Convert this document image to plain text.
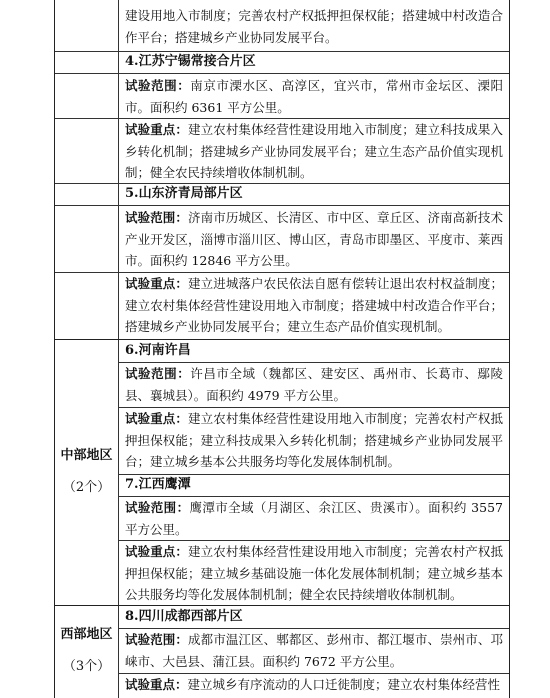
建设用地入市制度；完善农村产权抵押担保权能；搭建城中村改造合作平台；搭建城乡产业协同发展平台。
4.江苏宁锡常接合片区
试验范围：南京市溧水区、高淳区，宜兴市，常州市金坛区、溧阳市。面积约 6361 平方公里。
试验重点：建立农村集体经营性建设用地入市制度；建立科技成果入乡转化机制；搭建城乡产业协同发展平台；建立生态产品价值实现机制；健全农民持续增收体制机制。
5.山东济青局部片区
试验范围：济南市历城区、长清区、市中区、章丘区、济南高新技术产业开发区，淄博市淄川区、博山区，青岛市即墨区、平度市、莱西市。面积约 12846 平方公里。
试验重点：建立进城落户农民依法自愿有偿转让退出农村权益制度；建立农村集体经营性建设用地入市制度；搭建城中村改造合作平台；搭建城乡产业协同发展平台；建立生态产品价值实现机制。
6.河南许昌
试验范围：许昌市全域（魏都区、建安区、禹州市、长葛市、鄢陵县、襄城县）。面积约 4979 平方公里。
试验重点：建立农村集体经营性建设用地入市制度；完善农村产权抵押担保权能；建立科技成果入乡转化机制；搭建城乡产业协同发展平台；建立城乡基本公共服务均等化发展体制机制。
7.江西鹰潭
试验范围：鹰潭市全域（月湖区、余江区、贵溪市）。面积约 3557 平方公里。
试验重点：建立农村集体经营性建设用地入市制度；完善农村产权抵押担保权能；建立城乡基础设施一体化发展体制机制；建立城乡基本公共服务均等化发展体制机制；健全农民持续增收体制机制。
8.四川成都西部片区
试验范围：成都市温江区、郫都区、彭州市、都江堰市、崇州市、邛崃市、大邑县、蒲江县。面积约 7672 平方公里。
试验重点：建立城乡有序流动的人口迁徙制度；建立农村集体经营性
中部地区
（2个）
西部地区
（3个）
